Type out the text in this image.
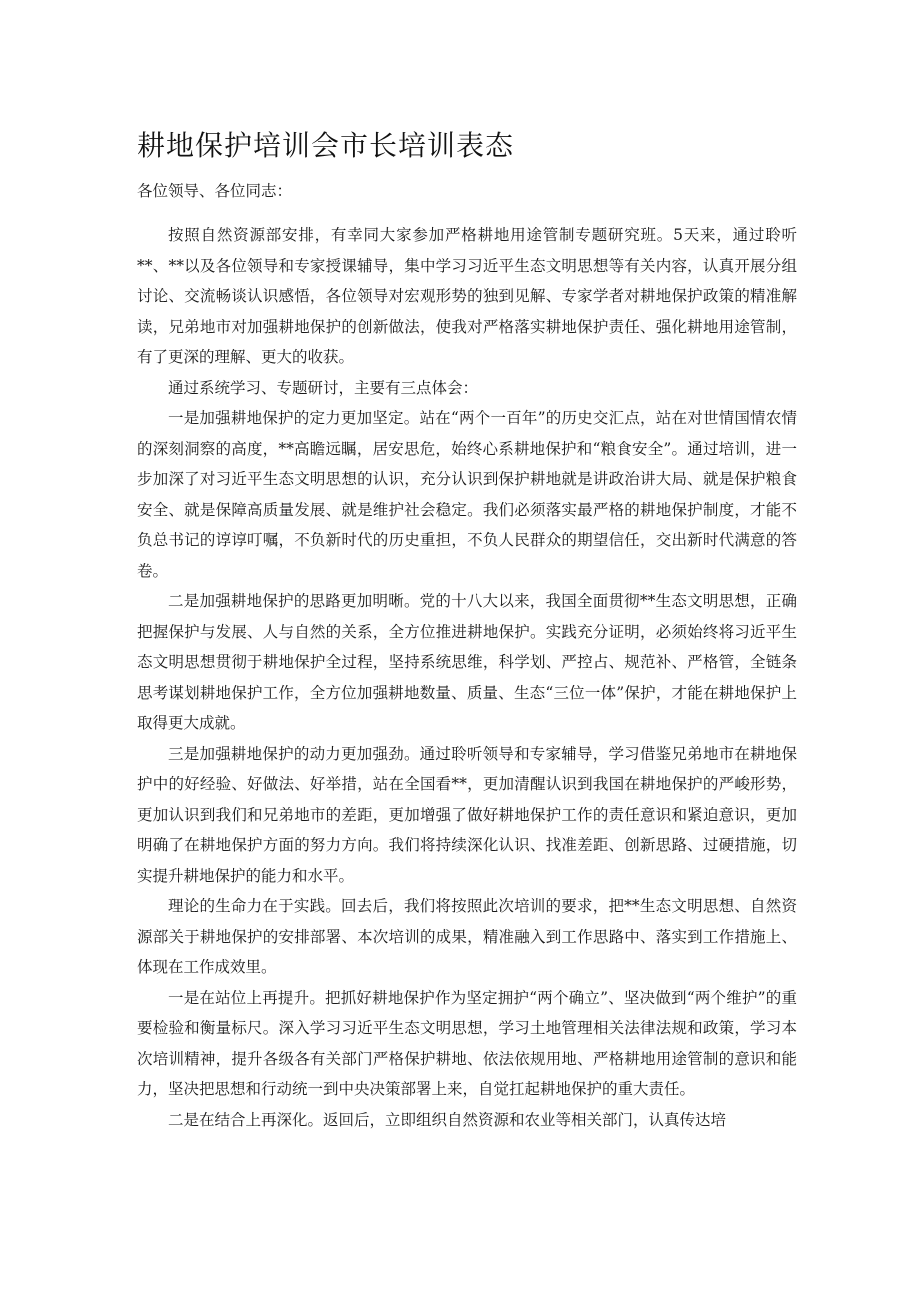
耕地保护培训会市长培训表态

各位领导、各位同志：

按照自然资源部安排，有幸同大家参加严格耕地用途管制专题研究班。5天来，通过聆听**、**以及各位领导和专家授课辅导，集中学习习近平生态文明思想等有关内容，认真开展分组讨论、交流畅谈认识感悟，各位领导对宏观形势的独到见解、专家学者对耕地保护政策的精准解读，兄弟地市对加强耕地保护的创新做法，使我对严格落实耕地保护责任、强化耕地用途管制，有了更深的理解、更大的收获。

通过系统学习、专题研讨，主要有三点体会：

一是加强耕地保护的定力更加坚定。站在“两个一百年”的历史交汇点，站在对世情国情农情的深刻洞察的高度，**高瞻远瞩，居安思危，始终心系耕地保护和“粮食安全”。通过培训，进一步加深了对习近平生态文明思想的认识，充分认识到保护耕地就是讲政治讲大局、就是保护粮食安全、就是保障高质量发展、就是维护社会稳定。我们必须落实最严格的耕地保护制度，才能不负总书记的谆谆叮嘱，不负新时代的历史重担，不负人民群众的期望信任，交出新时代满意的答卷。

二是加强耕地保护的思路更加明晰。党的十八大以来，我国全面贯彻**生态文明思想，正确把握保护与发展、人与自然的关系，全方位推进耕地保护。实践充分证明，必须始终将习近平生态文明思想贯彻于耕地保护全过程，坚持系统思维，科学划、严控占、规范补、严格管，全链条思考谋划耕地保护工作，全方位加强耕地数量、质量、生态“三位一体”保护，才能在耕地保护上取得更大成就。

三是加强耕地保护的动力更加强劲。通过聆听领导和专家辅导，学习借鉴兄弟地市在耕地保护中的好经验、好做法、好举措，站在全国看**，更加清醒认识到我国在耕地保护的严峻形势，更加认识到我们和兄弟地市的差距，更加增强了做好耕地保护工作的责任意识和紧迫意识，更加明确了在耕地保护方面的努力方向。我们将持续深化认识、找准差距、创新思路、过硬措施，切实提升耕地保护的能力和水平。

理论的生命力在于实践。回去后，我们将按照此次培训的要求，把**生态文明思想、自然资源部关于耕地保护的安排部署、本次培训的成果，精准融入到工作思路中、落实到工作措施上、体现在工作成效里。

一是在站位上再提升。把抓好耕地保护作为坚定拥护“两个确立”、坚决做到“两个维护”的重要检验和衡量标尺。深入学习习近平生态文明思想，学习土地管理相关法律法规和政策，学习本次培训精神，提升各级各有关部门严格保护耕地、依法依规用地、严格耕地用途管制的意识和能力，坚决把思想和行动统一到中央决策部署上来，自觉扛起耕地保护的重大责任。

二是在结合上再深化。返回后，立即组织自然资源和农业等相关部门，认真传达培
